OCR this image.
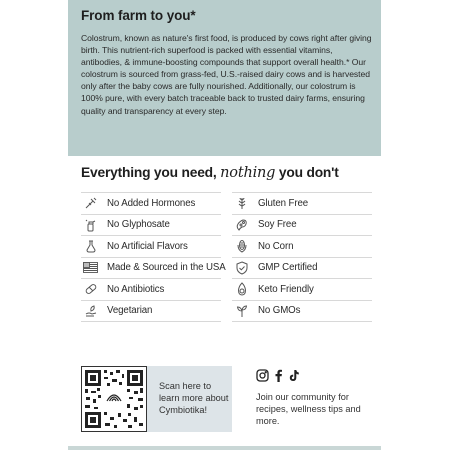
From farm to you*

Colostrum, known as nature's first food, is produced by cows right after giving birth. This nutrient-rich superfood is packed with essential vitamins, antibodies, & immune-boosting compounds that support overall health.* Our colostrum is sourced from grass-fed, U.S.-raised dairy cows and is harvested only after the baby cows are fully nourished. Additionally, our colostrum is 100% pure, with every batch traceable back to trusted dairy farms, ensuring quality and transparency at every step.

Everything you need, nothing you don't
No Added Hormones
No Glyphosate
No Artificial Flavors
Made & Sourced in the USA
No Antibiotics
Vegetarian
Gluten Free
Soy Free
No Corn
GMP Certified
Keto Friendly
No GMOs
Scan here to learn more about Cymbiotika!

Join our community for recipes, wellness tips and more.
